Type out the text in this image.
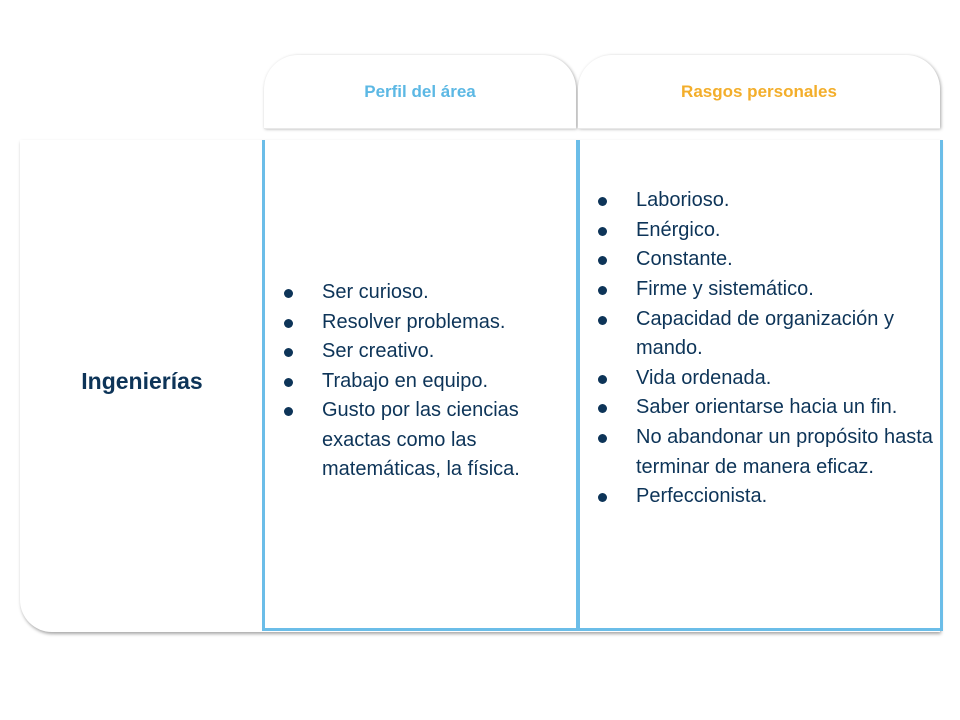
Perfil del área	Rasgos personales
Ingenierías
Ser curioso.
Resolver problemas.
Ser creativo.
Trabajo en equipo.
Gusto por las ciencias exactas como las matemáticas, la física.
Laborioso.
Enérgico.
Constante.
Firme y sistemático.
Capacidad de organización y mando.
Vida ordenada.
Saber orientarse hacia un fin.
No abandonar un propósito hasta terminar de manera eficaz.
Perfeccionista.
